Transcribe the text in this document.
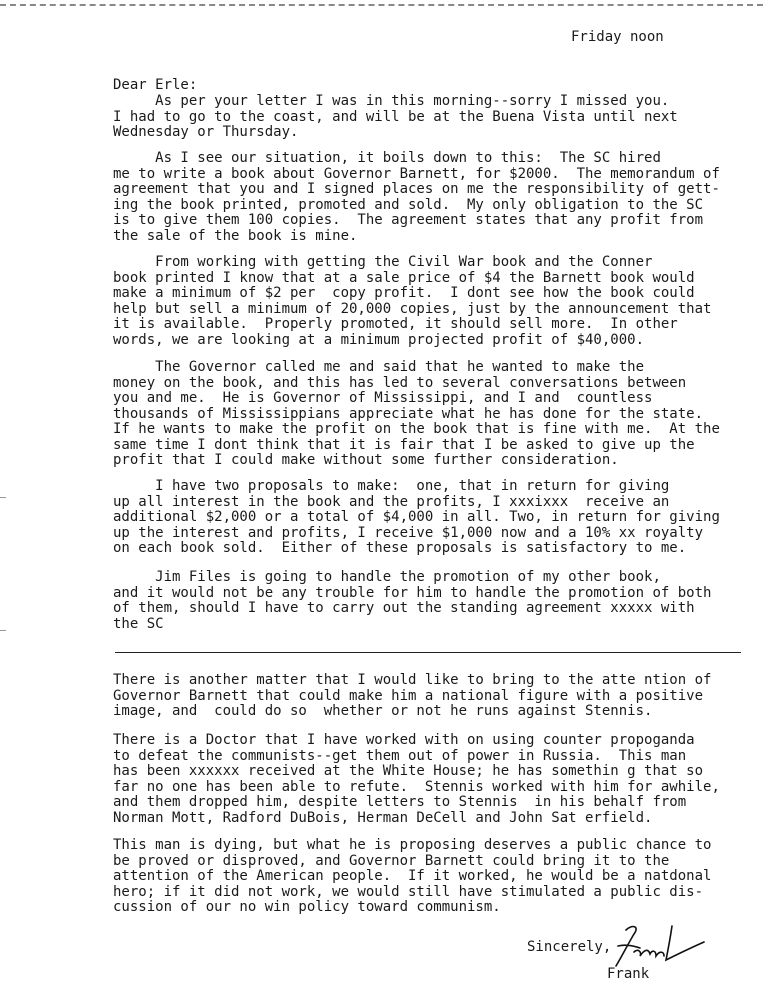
Friday noon
Dear Erle:
As per your letter I was in this morning--sorry I missed you.
I had to go to the coast, and will be at the Buena Vista until next
Wednesday or Thursday.
As I see our situation, it boils down to this:  The SC hired
me to write a book about Governor Barnett, for $2000.  The memorandum of
agreement that you and I signed places on me the responsibility of gett-
ing the book printed, promoted and sold.  My only obligation to the SC
is to give them 100 copies.  The agreement states that any profit from
the sale of the book is mine.
From working with getting the Civil War book and the Conner
book printed I know that at a sale price of $4 the Barnett book would
make a minimum of $2 per  copy profit.  I dont see how the book could
help but sell a minimum of 20,000 copies, just by the announcement that
it is available.  Properly promoted, it should sell more.  In other
words, we are looking at a minimum projected profit of $40,000.
The Governor called me and said that he wanted to make the
money on the book, and this has led to several conversations between
you and me.  He is Governor of Mississippi, and I and  countless
thousands of Mississippians appreciate what he has done for the state.
If he wants to make the profit on the book that is fine with me.  At the
same time I dont think that it is fair that I be asked to give up the
profit that I could make without some further consideration.
I have two proposals to make:  one, that in return for giving
up all interest in the book and the profits, I xxxixxx  receive an
additional $2,000 or a total of $4,000 in all. Two, in return for giving
up the interest and profits, I receive $1,000 now and a 10% xx royalty
on each book sold.  Either of these proposals is satisfactory to me.
Jim Files is going to handle the promotion of my other book,
and it would not be any trouble for him to handle the promotion of both
of them, should I have to carry out the standing agreement xxxxx with
the SC
There is another matter that I would like to bring to the atte ntion of
Governor Barnett that could make him a national figure with a positive
image, and  could do so  whether or not he runs against Stennis.
There is a Doctor that I have worked with on using counter propoganda
to defeat the communists--get them out of power in Russia.  This man
has been xxxxxx received at the White House; he has somethin g that so
far no one has been able to refute.  Stennis worked with him for awhile,
and them dropped him, despite letters to Stennis  in his behalf from
Norman Mott, Radford DuBois, Herman DeCell and John Sat erfield.
This man is dying, but what he is proposing deserves a public chance to
be proved or disproved, and Governor Barnett could bring it to the
attention of the American people.  If it worked, he would be a natdonal
hero; if it did not work, we would still have stimulated a public dis-
cussion of our no win policy toward communism.
Sincerely,
Frank
